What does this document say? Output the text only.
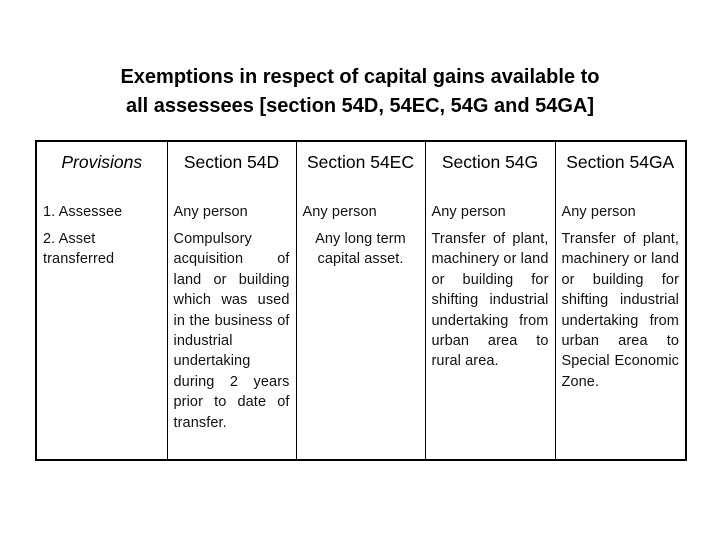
Exemptions in respect of capital gains available to
all assessees [section 54D, 54EC, 54G and 54GA]
Provisions	Section 54D	Section 54EC	Section 54G	Section 54GA
1. Assessee	Any person	Any person	Any person	Any person
2. Asset transferred	Compulsory acquisition of land or building which was used in the business of industrial undertaking during 2 years prior to date of transfer.	Any long term capital asset.	Transfer of plant, machinery or land or building for shifting industrial undertaking from urban area to rural area.	Transfer of plant, machinery or land or building for shifting industrial undertaking from urban area to Special Economic Zone.
